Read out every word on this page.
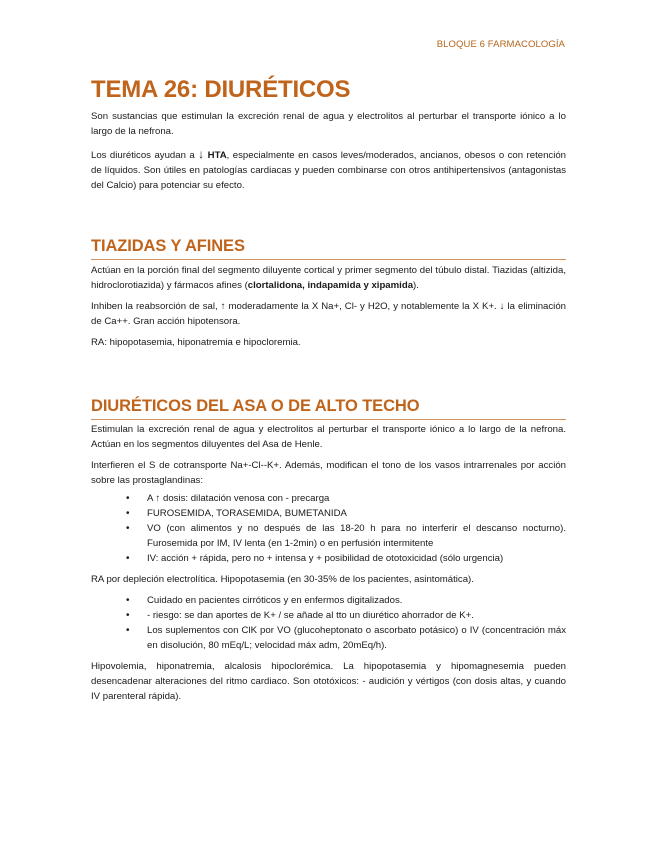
BLOQUE 6 FARMACOLOGÍA
TEMA 26: DIURÉTICOS

Son sustancias que estimulan la excreción renal de agua y electrolitos al perturbar el transporte iónico a lo largo de la nefrona.

Los diuréticos ayudan a ↓ HTA, especialmente en casos leves/moderados, ancianos, obesos o con retención de líquidos. Son útiles en patologías cardiacas y pueden combinarse con otros antihipertensivos (antagonistas del Calcio) para potenciar su efecto.

TIAZIDAS Y AFINES

Actúan en la porción final del segmento diluyente cortical y primer segmento del túbulo distal. Tiazidas (altizida, hidroclorotiazida) y fármacos afines (clortalidona, indapamida y xipamida).

Inhiben la reabsorción de sal, ↑ moderadamente la X Na+, Cl- y H2O, y notablemente la X K+. ↓ la eliminación de Ca++. Gran acción hipotensora.

RA: hipopotasemia, hiponatremia e hipocloremia.

DIURÉTICOS DEL ASA O DE ALTO TECHO

Estimulan la excreción renal de agua y electrolitos al perturbar el transporte iónico a lo largo de la nefrona. Actúan en los segmentos diluyentes del Asa de Henle.

Interfieren el S de cotransporte Na+-Cl--K+. Además, modifican el tono de los vasos intrarrenales por acción sobre las prostaglandinas:

• A ↑ dosis: dilatación venosa con - precarga
• FUROSEMIDA, TORASEMIDA, BUMETANIDA
• VO (con alimentos y no después de las 18-20 h para no interferir el descanso nocturno). Furosemida por IM, IV lenta (en 1-2min) o en perfusión intermitente
• IV: acción + rápida, pero no + intensa y + posibilidad de ototoxicidad (sólo urgencia)

RA por depleción electrolítica. Hipopotasemia (en 30-35% de los pacientes, asintomática).

• Cuidado en pacientes cirróticos y en enfermos digitalizados.
• - riesgo: se dan aportes de K+ / se añade al tto un diurético ahorrador de K+.
• Los suplementos con ClK por VO (glucoheptonato o ascorbato potásico) o IV (concentración máx en disolución, 80 mEq/L; velocidad máx adm, 20mEq/h).

Hipovolemia, hiponatremia, alcalosis hipoclorémica. La hipopotasemia y hipomagnesemia pueden desencadenar alteraciones del ritmo cardiaco. Son ototóxicos: - audición y vértigos (con dosis altas, y cuando IV parenteral rápida).
